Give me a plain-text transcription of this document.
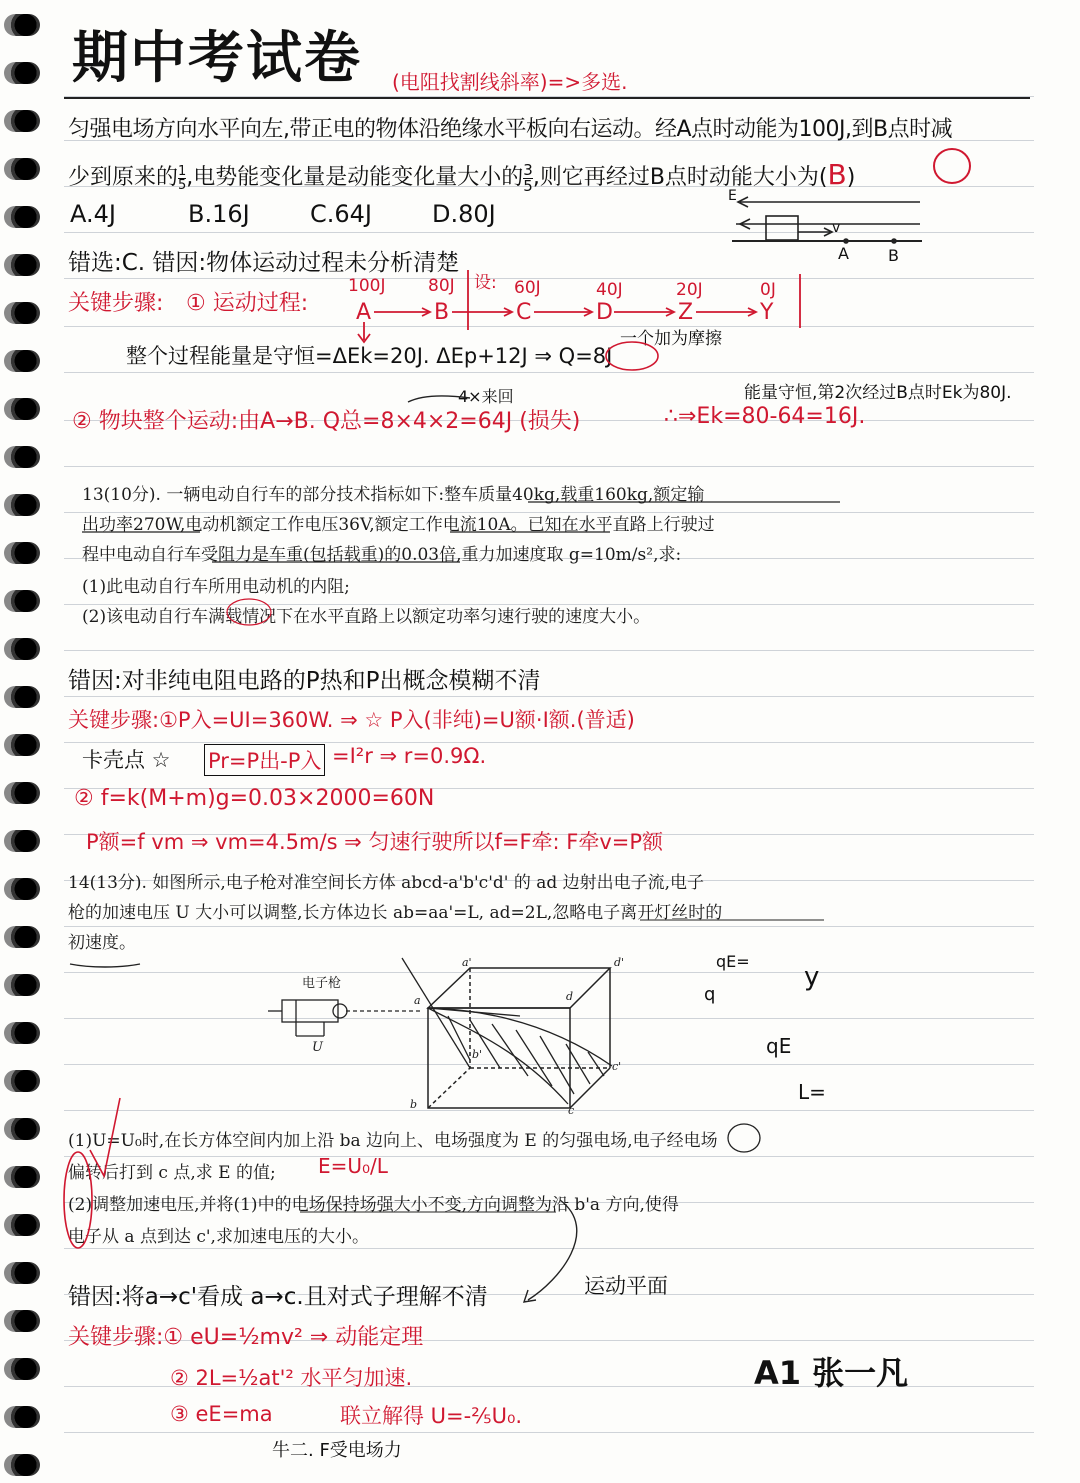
期中考试卷 (电阻找割线斜率)=>多选.
匀强电场方向水平向左,带正电的物体沿绝缘水平板向右运动。经A点时动能为100J,到B点时减
少到原来的 $\frac{1}{5}$ ,电势能变化量是动能变化量大小的 $\frac{3}{5}$ ,则它再经过B点时动能大小为(B)
A.4J	B.16J	C.64J D.80J
错选:C. 错因:物体运动过程未分析清楚
关键步骤: ① 运动过程:
100J	80J 设: 60J	40J	20J	0J
A	B	C	D	Z	Y
一个加为摩擦
整个过程能量是守恒=ΔEk=20J. ΔEp+12J ⇒ Q=8J
能量守恒,第2次经过B点时Ek为80J.
4×来回
② 物块整个运动:由A→B. Q总=8×4×2=64J (损失)	∴⇒Ek=80-64=16J.
E
v
A B
13(10分). 一辆电动自行车的部分技术指标如下:整车质量40kg,载重160kg,额定输
出功率270W,电动机额定工作电压36V,额定工作电流10A。已知在水平直路上行驶过
程中电动自行车受阻力是车重(包括载重)的0.03倍,重力加速度取 g=10m/s²,求:
(1)此电动自行车所用电动机的内阻;
(2)该电动自行车满载情况下在水平直路上以额定功率匀速行驶的速度大小。
错因:对非纯电阻电路的P热和P出概念模糊不清
关键步骤:①P入=UI=360W. ⇒ ☆ P入(非纯)=U额·I额.(普适)
卡壳点 ☆ Pr=P出-P入 =I²r ⇒ r=0.9Ω.
② f=k(M+m)g=0.03×2000=60N
P额=f vm ⇒ vm=4.5m/s ⇒ 匀速行驶所以f=F牵: F牵v=P额
14(13分). 如图所示,电子枪对准空间长方体 abcd-a'b'c'd' 的 ad 边射出电子流,电子
枪的加速电压 U 大小可以调整,长方体边长 ab=aa'=L, ad=2L,忽略电子离开灯丝时的
初速度。
电子枪
U
a
b	c
d
a'
b'
c'
d'	qE=
q
y
qE
L=
(1)U=U₀时,在长方体空间内加上沿 ba 边向上、电场强度为 E 的匀强电场,电子经电场
偏转后打到 c 点,求 E 的值; E=U₀/L
(2)调整加速电压,并将(1)中的电场保持场强大小不变,方向调整为沿 b'a 方向,使得
电子从 a 点到达 c',求加速电压的大小。
错因:将a→c'看成 a→c.且对式子理解不清	运动平面
关键步骤:① eU=½mv² ⇒ 动能定理
② 2L=½at'² 水平匀加速.
③ eE=ma	联立解得 U=-⅖U₀.
牛二. F受电场力
A1 张一凡
